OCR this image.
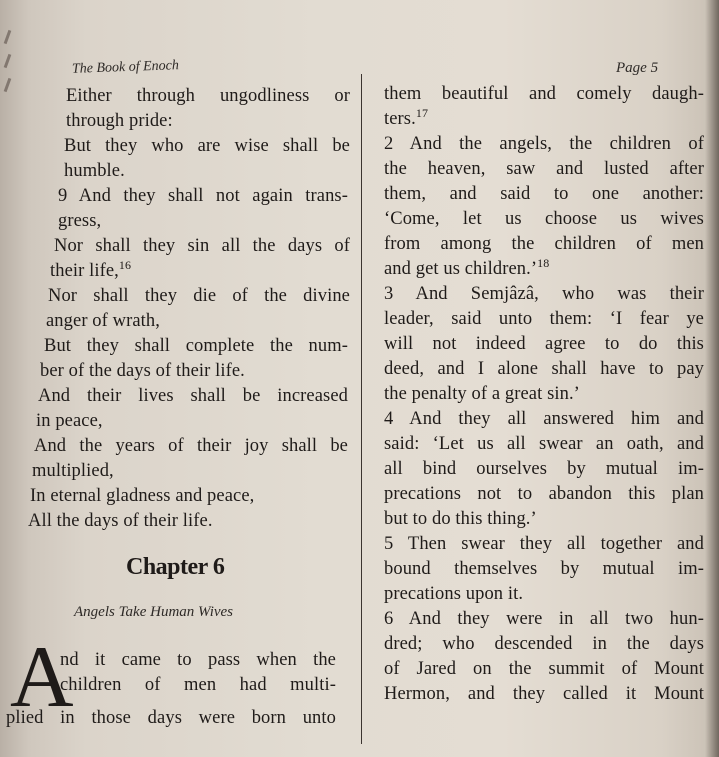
The Book of Enoch	Page 5
Either through ungodliness or
through pride:
But they who are wise shall be
humble.
9 And they shall not again trans-
gress,
Nor shall they sin all the days of
their life,$^{16}$
Nor shall they die of the divine
anger of wrath,
But they shall complete the num-
ber of the days of their life.
And their lives shall be increased
in peace,
And the years of their joy shall be
multiplied,
In eternal gladness and peace,
All the days of their life.
Chapter 6
Angels Take Human Wives
A
nd it came to pass when the
children of men had multi-
plied in those days were born unto
them beautiful and comely daugh-
ters.$^{17}$
2 And the angels, the children of
the heaven, saw and lusted after
them, and said to one another:
‘Come, let us choose us wives
from among the children of men
and get us children.’$^{18}$
3 And Semjâzâ, who was their
leader, said unto them: ‘I fear ye
will not indeed agree to do this
deed, and I alone shall have to pay
the penalty of a great sin.’
4 And they all answered him and
said: ‘Let us all swear an oath, and
all bind ourselves by mutual im-
precations not to abandon this plan
but to do this thing.’
5 Then swear they all together and
bound themselves by mutual im-
precations upon it.
6 And they were in all two hun-
dred; who descended in the days
of Jared on the summit of Mount
Hermon, and they called it Mount
